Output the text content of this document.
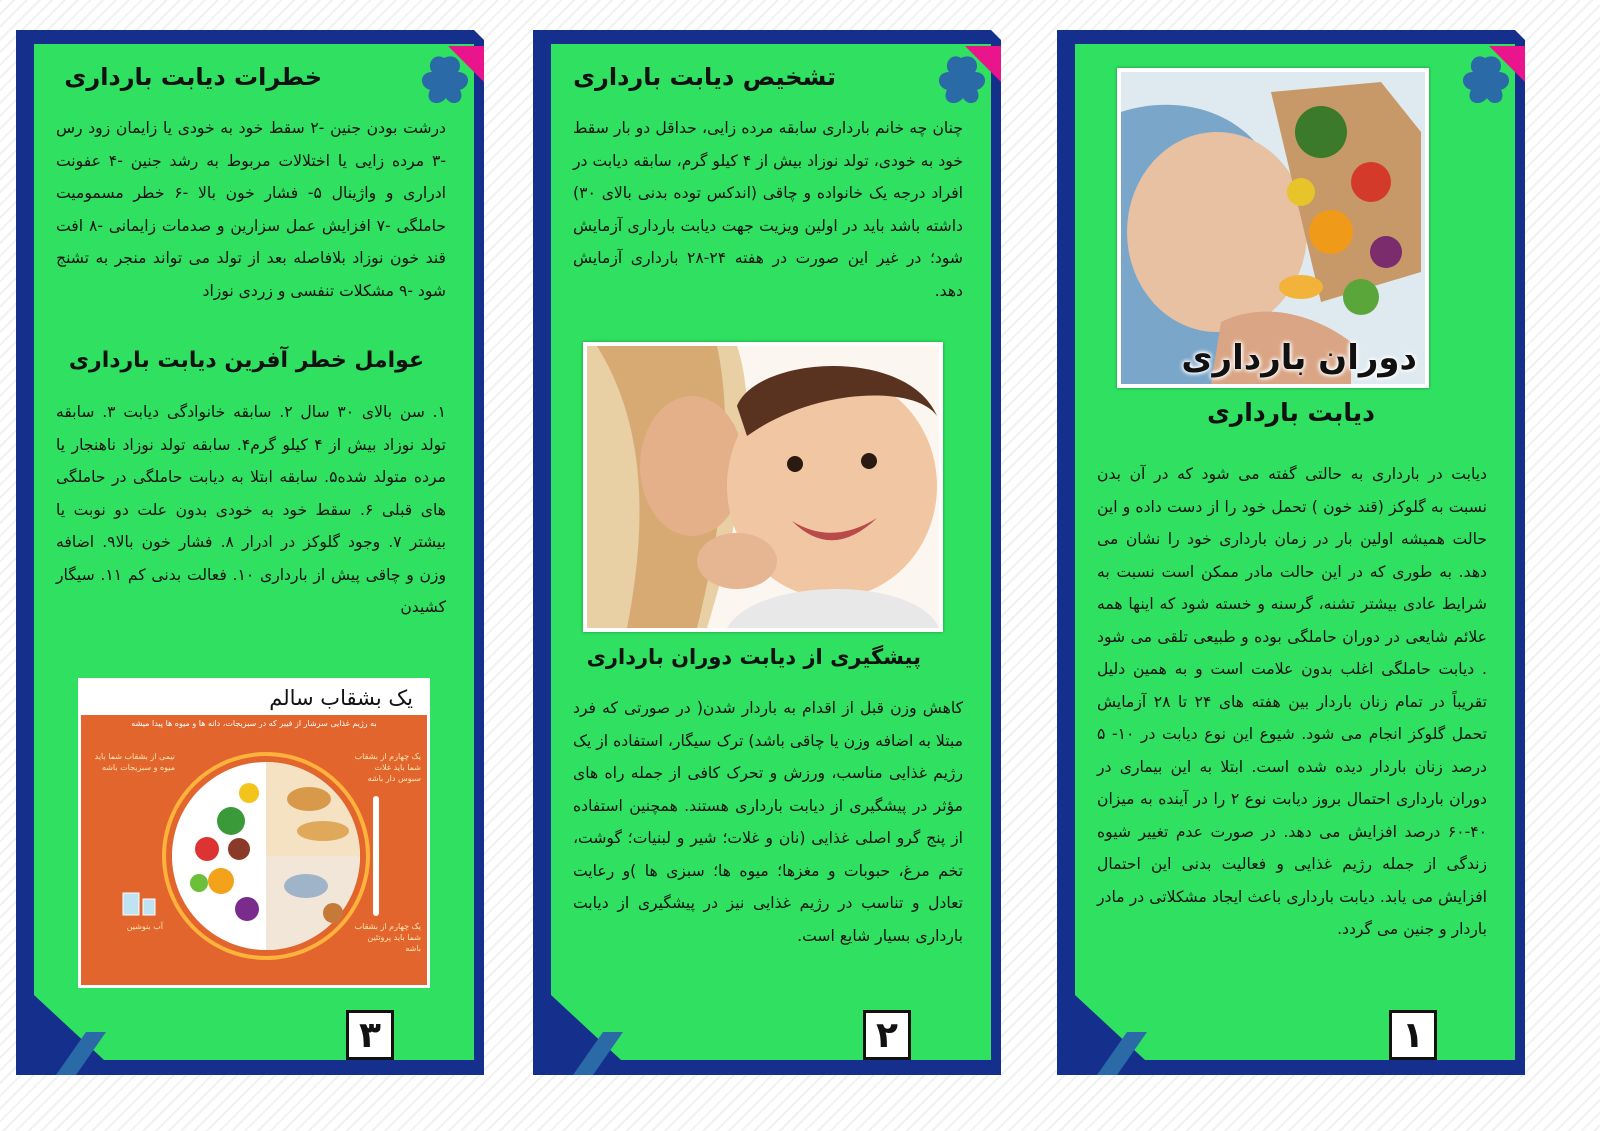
خطرات دیابت بارداری

درشت بودن جنین -۲ سقط خود به خودی یا زایمان زود رس -۳ مرده زایی یا اختلالات مربوط به رشد جنین -۴ عفونت ادراری و واژینال ۵- فشار خون بالا -۶ خطر مسمومیت حاملگی -۷ افزایش عمل سزارین و صدمات زایمانی -۸ افت قند خون نوزاد بلافاصله بعد از تولد می تواند منجر به تشنج شود -۹ مشکلات تنفسی و زردی نوزاد

عوامل خطر آفرین دیابت بارداری

۱. سن بالای ۳۰ سال ۲. سابقه خانوادگی دیابت ۳. سابقه تولد نوزاد بیش از ۴ کیلو گرم۴. سابقه تولد نوزاد ناهنجار یا مرده متولد شده۵. سابقه ابتلا به دیابت حاملگی در حاملگی های قبلی ۶. سقط خود به خودی بدون علت دو نوبت یا بیشتر ۷. وجود گلوکز در ادرار ۸. فشار خون بالا۹. اضافه وزن و چاقی پیش از بارداری ۱۰. فعالت بدنی کم ۱۱. سیگار کشیدن

یک بشقاب سالم
به رژیم غذایی سرشار از فیبر که در سبزیجات، دانه ها و میوه ها پیدا میشه
نیمی از بشقاب شما باید میوه و سبزیجات باشه
یک چهارم از بشقاب شما باید غلات سبوس دار باشه
آب بنوشین	یک چهارم از بشقاب شما باید پروتئین باشه
۳
تشخیص دیابت بارداری

چنان چه خانم بارداری سابقه مرده زایی، حداقل دو بار سقط خود به خودی، تولد نوزاد بیش از ۴ کیلو گرم، سابقه دیابت در افراد درجه یک خانواده و چاقی (اندکس توده بدنی بالای ۳۰) داشته باشد باید در اولین ویزیت جهت دیابت بارداری آزمایش شود؛ در غیر این صورت در هفته ۲۴-۲۸ بارداری آزمایش دهد.

پیشگیری از دیابت دوران بارداری

کاهش وزن قبل از اقدام به باردار شدن( در صورتی که فرد مبتلا به اضافه وزن یا چاقی باشد) ترک سیگار، استفاده از یک رژیم غذایی مناسب، ورزش و تحرک کافی از جمله راه های مؤثر در پیشگیری از دیابت بارداری هستند. همچنین استفاده از پنج گرو اصلی غذایی (نان و غلات؛ شیر و لبنیات؛ گوشت، تخم مرغ، حبوبات و مغزها؛ میوه ها؛ سبزی ها )و رعایت تعادل و تناسب در رژیم غذایی نیز در پیشگیری از دیابت بارداری بسیار شایع است.

۲
دوران بارداری
دیابت بارداری

دیابت در بارداری به حالتی گفته می شود که در آن بدن نسبت به گلوکز (قند خون ) تحمل خود را از دست داده و این حالت همیشه اولین بار در زمان بارداری خود را نشان می دهد. به طوری که در این حالت مادر ممکن است نسبت به شرایط عادی بیشتر تشنه، گرسنه و خسته شود که اینها همه علائم شایعی در دوران حاملگی بوده و طبیعی تلقی می شود . دیابت حاملگی اغلب بدون علامت است و به همین دلیل تقریباً در تمام زنان باردار بین هفته های ۲۴ تا ۲۸ آزمایش تحمل گلوکز انجام می شود. شیوع این نوع دیابت در ۱۰- ۵ درصد زنان باردار دیده شده است. ابتلا به این بیماری در دوران بارداری احتمال بروز دیابت نوع ۲ را در آینده به میزان ۴۰-۶۰ درصد افزایش می دهد. در صورت عدم تغییر شیوه زندگی از جمله رژیم غذایی و فعالیت بدنی این احتمال افزایش می یابد. دیابت بارداری باعث ایجاد مشکلاتی در مادر باردار و جنین می گردد.

۱
